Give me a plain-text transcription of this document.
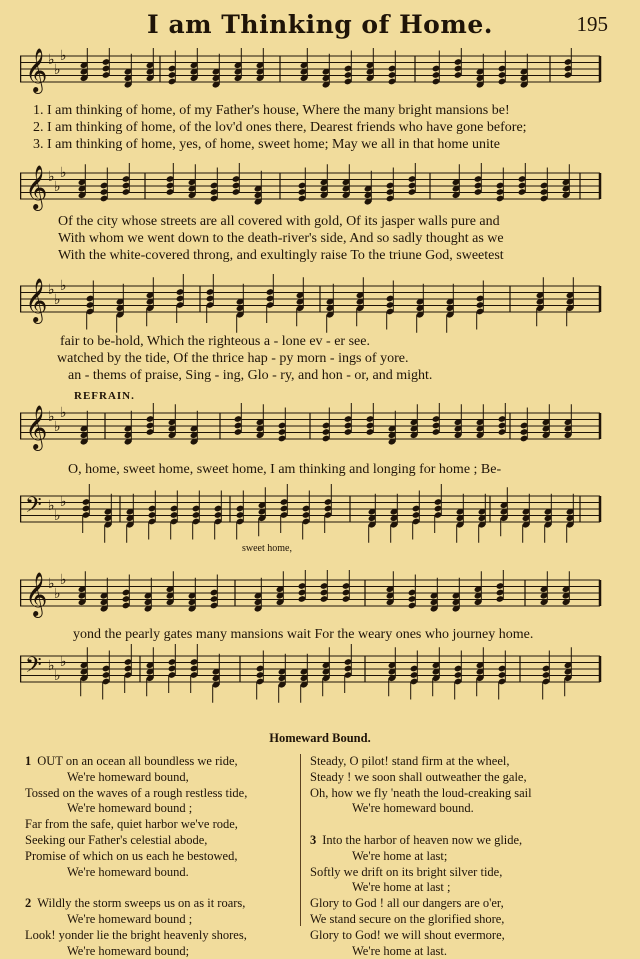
I am Thinking of Home.	195
𝄞 ♭
♭
♭
1. I am thinking of home, of my Father's house, Where the many bright mansions be!
2. I am thinking of home, of the lov'd ones there, Dearest friends who have gone before;
3. I am thinking of home, yes, of home, sweet home; May we all in that home unite
𝄞 ♭
♭
♭
Of the city whose streets are all covered with gold, Of its jasper walls pure and
With whom we went down to the death-river's side, And so sadly thought as we
With the white-covered throng, and exultingly raise To the triune God, sweetest
𝄞 ♭
♭
♭
fair to be-hold, Which the righteous a - lone ev - er see.
watched by the tide, Of the thrice hap - py morn - ings of yore.
an - thems of praise, Sing - ing, Glo - ry, and hon - or, and might.
REFRAIN.
𝄞 ♭
♭
♭
O, home, sweet home, sweet home, I am thinking and longing for home ; Be-
𝄢 ♭
♭
♭
sweet home,
𝄞 ♭
♭
♭
yond the pearly gates many mansions wait For the weary ones who journey home.
𝄢 ♭
♭
♭
Homeward Bound.
1 OUT on an ocean all boundless we ride,
We're homeward bound,
Tossed on the waves of a rough restless tide,
We're homeward bound ;
Far from the safe, quiet harbor we've rode,
Seeking our Father's celestial abode,
Promise of which on us each he bestowed,
We're homeward bound.
2 Wildly the storm sweeps us on as it roars,
We're homeward bound ;
Look! yonder lie the bright heavenly shores,
We're homeward bound;
Steady, O pilot! stand firm at the wheel,
Steady ! we soon shall outweather the gale,
Oh, how we fly 'neath the loud-creaking sail
We're homeward bound.
3 Into the harbor of heaven now we glide,
We're home at last;
Softly we drift on its bright silver tide,
We're home at last ;
Glory to God ! all our dangers are o'er,
We stand secure on the glorified shore,
Glory to God! we will shout evermore,
We're home at last.
